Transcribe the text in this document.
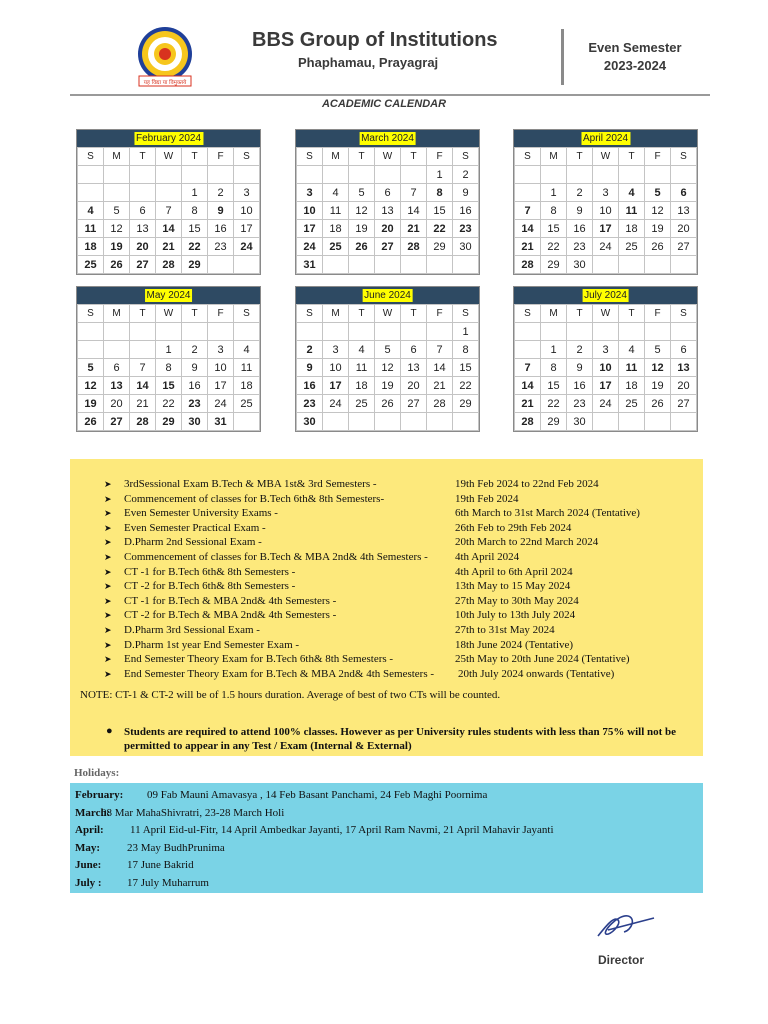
यह विद्या या विमुक्तये
BBS Group of Institutions
Phaphamau, Prayagraj
Even Semester
2023-2024
ACADEMIC CALENDAR
February 2024
S	M	T	W	T	F	S

				1	2	3
4	5	6	7	8	9	10
11	12	13	14	15	16	17
18	19	20	21	22	23	24
25	26	27	28	29		
March 2024
S	M	T	W	T	F	S
					1	2
3	4	5	6	7	8	9
10	11	12	13	14	15	16
17	18	19	20	21	22	23
24	25	26	27	28	29	30
31						
April 2024
S	M	T	W	T	F	S

	1	2	3	4	5	6
7	8	9	10	11	12	13
14	15	16	17	18	19	20
21	22	23	24	25	26	27
28	29	30				
May 2024
S	M	T	W	T	F	S

			1	2	3	4
5	6	7	8	9	10	11
12	13	14	15	16	17	18
19	20	21	22	23	24	25
26	27	28	29	30	31	
June 2024
S	M	T	W	T	F	S
						1
2	3	4	5	6	7	8
9	10	11	12	13	14	15
16	17	18	19	20	21	22
23	24	25	26	27	28	29
30						
July 2024
S	M	T	W	T	F	S

	1	2	3	4	5	6
7	8	9	10	11	12	13
14	15	16	17	18	19	20
21	22	23	24	25	26	27
28	29	30				
➤ 3rdSessional Exam B.Tech & MBA 1st& 3rd Semesters -	19th Feb 2024 to 22nd Feb 2024
➤ Commencement of classes for B.Tech 6th& 8th Semesters-	19th Feb 2024
➤ Even Semester University Exams -	6th March to 31st March 2024 (Tentative)
➤ Even Semester Practical Exam -	26th Feb to 29th Feb 2024
➤ D.Pharm 2nd Sessional Exam -	20th March to 22nd March 2024
➤ Commencement of classes for B.Tech & MBA 2nd& 4th Semesters - 4th April 2024
➤ CT -1 for B.Tech 6th& 8th Semesters -	4th April to 6th April 2024
➤ CT -2 for B.Tech 6th& 8th Semesters -	13th May to 15 May 2024
➤ CT -1 for B.Tech & MBA 2nd& 4th Semesters -	27th May to 30th May 2024
➤ CT -2 for B.Tech & MBA 2nd& 4th Semesters -	10th July to 13th July 2024
➤ D.Pharm 3rd Sessional Exam -	27th to 31st May 2024
➤ D.Pharm 1st year End Semester Exam -	18th June 2024 (Tentative)
➤ End Semester Theory Exam for B.Tech 6th& 8th Semesters -	25th May to 20th June 2024 (Tentative)
➤ End Semester Theory Exam for B.Tech & MBA 2nd& 4th Semesters - 20th July 2024 onwards (Tentative)
NOTE: CT-1 & CT-2 will be of 1.5 hours duration. Average of best of two CTs will be counted.
● Students are required to attend 100% classes. However as per University rules students with less than 75% will not be permitted to appear in any Test / Exam (Internal & External)
Holidays:
February: 09 Fab Mauni Amavasya , 14 Feb Basant Panchami, 24 Feb Maghi Poornima
March:
08 Mar MahaShivratri, 23-28 March Holi
April: 11 April Eid-ul-Fitr, 14 April Ambedkar Jayanti, 17 April Ram Navmi, 21 April Mahavir Jayanti
May: 23 May BudhPrunima
June: 17 June Bakrid
July : 17 July Muharrum
Director
